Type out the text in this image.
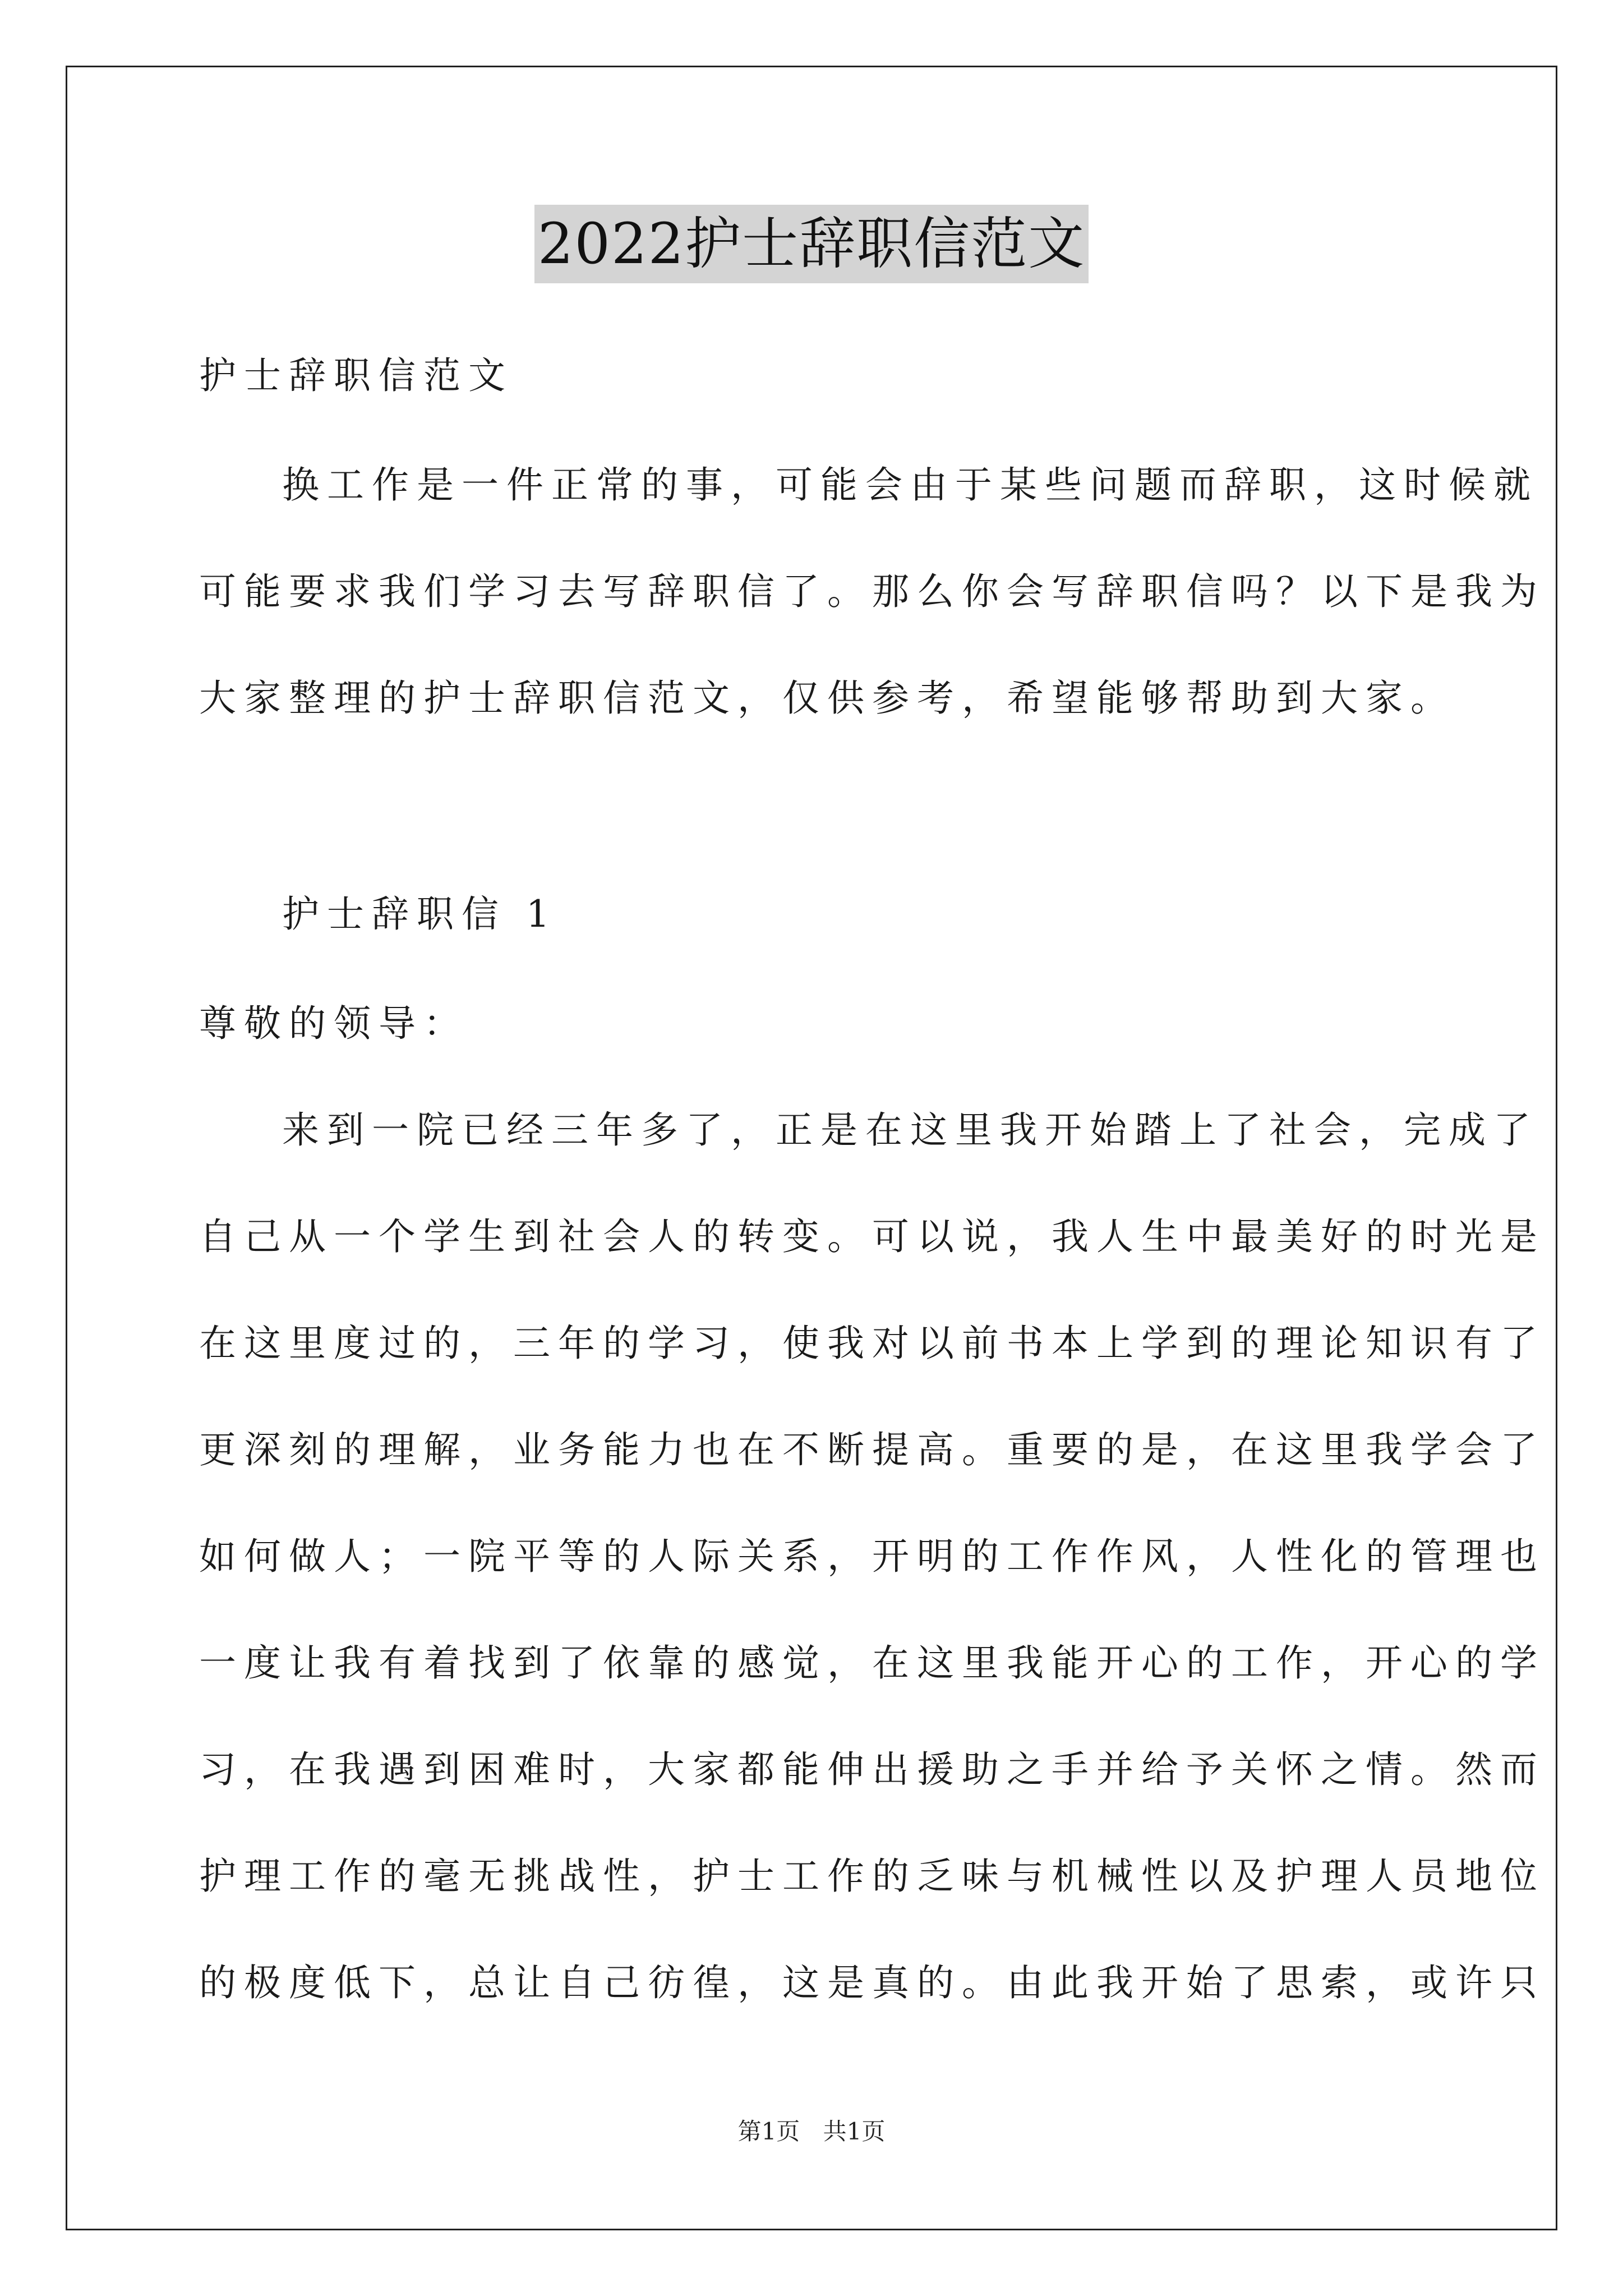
2022护士辞职信范文
护士辞职信范文
换工作是一件正常的事，可能会由于某些问题而辞职，这时候就
可能要求我们学习去写辞职信了。那么你会写辞职信吗？以下是我为
大家整理的护士辞职信范文，仅供参考，希望能够帮助到大家。
护士辞职信 1
尊敬的领导：
来到一院已经三年多了，正是在这里我开始踏上了社会，完成了
自己从一个学生到社会人的转变。可以说，我人生中最美好的时光是
在这里度过的，三年的学习，使我对以前书本上学到的理论知识有了
更深刻的理解，业务能力也在不断提高。重要的是，在这里我学会了
如何做人；一院平等的人际关系，开明的工作作风，人性化的管理也
一度让我有着找到了依靠的感觉，在这里我能开心的工作，开心的学
习，在我遇到困难时，大家都能伸出援助之手并给予关怀之情。然而
护理工作的毫无挑战性，护士工作的乏味与机械性以及护理人员地位
的极度低下，总让自己彷徨，这是真的。由此我开始了思索，或许只
第1页 共1页
